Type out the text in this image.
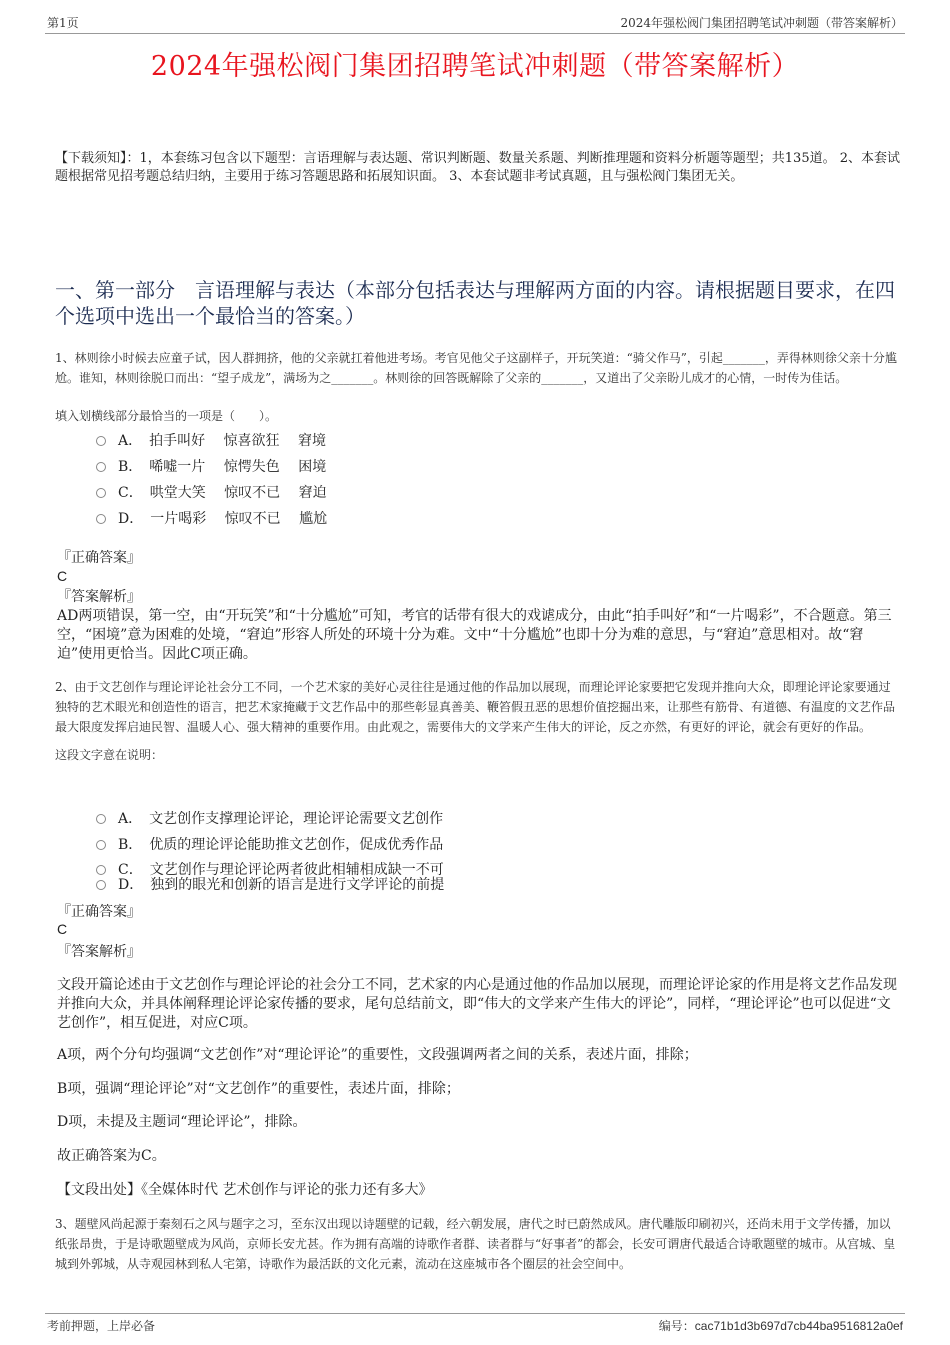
第1页	2024年强松阀门集团招聘笔试冲刺题（带答案解析）
2024年强松阀门集团招聘笔试冲刺题（带答案解析）
【下载须知】：1，本套练习包含以下题型：言语理解与表达题、常识判断题、数量关系题、判断推理题和资料分析题等题型；共135道。 2、本套试题根据常见招考题总结归纳，主要用于练习答题思路和拓展知识面。 3、本套试题非考试真题，且与强松阀门集团无关。
一、第一部分　言语理解与表达（本部分包括表达与理解两方面的内容。请根据题目要求，在四个选项中选出一个最恰当的答案。）
1、林则徐小时候去应童子试，因人群拥挤，他的父亲就扛着他进考场。考官见他父子这副样子，开玩笑道：“骑父作马”，引起_______，弄得林则徐父亲十分尴尬。谁知，林则徐脱口而出：“望子成龙”，满场为之_______。林则徐的回答既解除了父亲的_______，又道出了父亲盼儿成才的心情，一时传为佳话。
填入划横线部分最恰当的一项是（　　）。
A．　拍手叫好　 惊喜欲狂　 窘境
B．　唏嘘一片　 惊愕失色　 困境
C．　哄堂大笑　 惊叹不已　 窘迫
D．　一片喝彩　 惊叹不已　 尴尬
『正确答案』
C
『答案解析』
AD两项错误，第一空，由“开玩笑”和“十分尴尬”可知，考官的话带有很大的戏谑成分，由此“拍手叫好”和“一片喝彩”，不合题意。第三空，“困境”意为困难的处境，“窘迫”形容人所处的环境十分为难。文中“十分尴尬”也即十分为难的意思，与“窘迫”意思相对。故“窘迫”使用更恰当。因此C项正确。
2、由于文艺创作与理论评论社会分工不同，一个艺术家的美好心灵往往是通过他的作品加以展现，而理论评论家要把它发现并推向大众，即理论评论家要通过独特的艺术眼光和创造性的语言，把艺术家掩藏于文艺作品中的那些彰显真善美、鞭笞假丑恶的思想价值挖掘出来，让那些有筋骨、有道德、有温度的文艺作品最大限度发挥启迪民智、温暖人心、强大精神的重要作用。由此观之，需要伟大的文学来产生伟大的评论，反之亦然，有更好的评论，就会有更好的作品。
这段文字意在说明：
A．　文艺创作支撑理论评论，理论评论需要文艺创作
B．　优质的理论评论能助推文艺创作，促成优秀作品
C．　文艺创作与理论评论两者彼此相辅相成缺一不可
D．　独到的眼光和创新的语言是进行文学评论的前提
『正确答案』
C
『答案解析』
文段开篇论述由于文艺创作与理论评论的社会分工不同，艺术家的内心是通过他的作品加以展现，而理论评论家的作用是将文艺作品发现并推向大众，并具体阐释理论评论家传播的要求，尾句总结前文，即“伟大的文学来产生伟大的评论”，同样，“理论评论”也可以促进“文艺创作”，相互促进，对应C项。
A项，两个分句均强调“文艺创作”对“理论评论”的重要性，文段强调两者之间的关系，表述片面，排除；
B项，强调“理论评论”对“文艺创作”的重要性，表述片面，排除；
D项，未提及主题词“理论评论”，排除。
故正确答案为C。
【文段出处】《全媒体时代 艺术创作与评论的张力还有多大》
3、题壁风尚起源于秦刻石之风与题字之习，至东汉出现以诗题壁的记载，经六朝发展，唐代之时已蔚然成风。唐代雕版印刷初兴，还尚未用于文学传播，加以纸张昂贵，于是诗歌题壁成为风尚，京师长安尤甚。作为拥有高端的诗歌作者群、读者群与“好事者”的都会，长安可谓唐代最适合诗歌题壁的城市。从宫城、皇城到外郭城，从寺观园林到私人宅第，诗歌作为最活跃的文化元素，流动在这座城市各个圈层的社会空间中。
考前押题，上岸必备	编号：cac71b1d3b697d7cb44ba9516812a0ef
